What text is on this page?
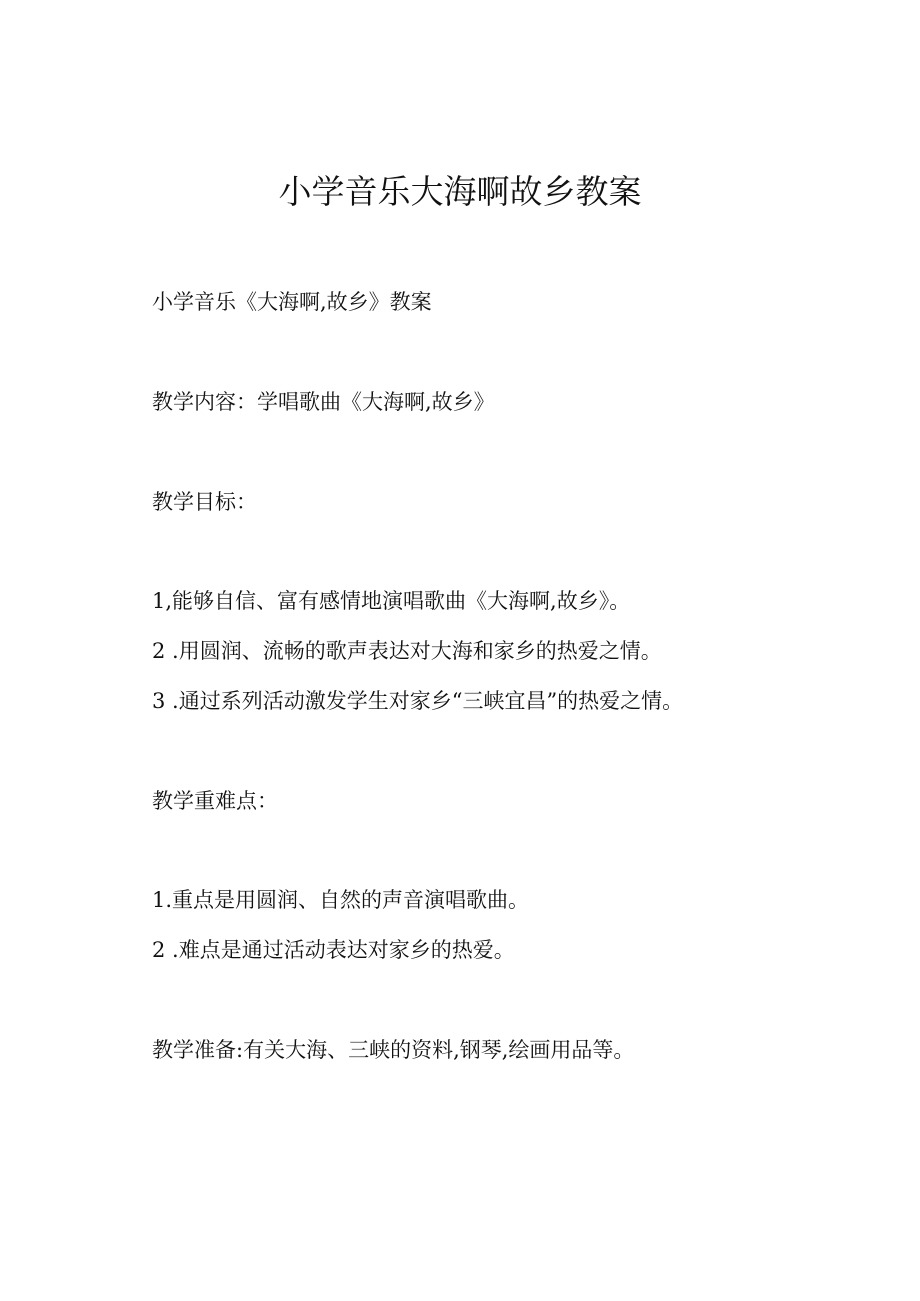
小学音乐大海啊故乡教案

小学音乐《大海啊,故乡》教案

教学内容：学唱歌曲《大海啊,故乡》

教学目标：

1,能够自信、富有感情地演唱歌曲《大海啊,故乡》。

2 .用圆润、流畅的歌声表达对大海和家乡的热爱之情。

3 .通过系列活动激发学生对家乡“三峡宜昌”的热爱之情。

教学重难点：

1.重点是用圆润、自然的声音演唱歌曲。

2 .难点是通过活动表达对家乡的热爱。

教学准备:有关大海、三峡的资料,钢琴,绘画用品等。
